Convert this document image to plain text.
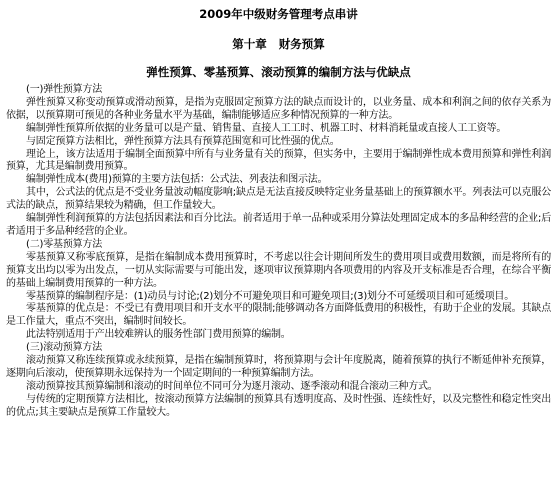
2009年中级财务管理考点串讲
第十章 财务预算
弹性预算、零基预算、滚动预算的编制方法与优缺点

(一)弹性预算方法

弹性预算又称变动预算或滑动预算，是指为克服固定预算方法的缺点而设计的，以业务量、成本和利润之间的依存关系为依据，以预算期可预见的各种业务量水平为基础，编制能够适应多种情况预算的一种方法。

编制弹性预算所依据的业务量可以是产量、销售量、直接人工工时、机器工时、材料消耗量或直接人工工资等。

与固定预算方法相比，弹性预算方法具有预算范围宽和可比性强的优点。

理论上，该方法适用于编制全面预算中所有与业务量有关的预算，但实务中，主要用于编制弹性成本费用预算和弹性利润预算，尤其是编制费用预算。

编制弹性成本(费用)预算的主要方法包括：公式法、列表法和图示法。

其中，公式法的优点是不受业务量波动幅度影响;缺点是无法直接反映特定业务量基础上的预算额水平。列表法可以克服公式法的缺点，预算结果较为精确，但工作量较大。

编制弹性利润预算的方法包括因素法和百分比法。前者适用于单一品种或采用分算法处理固定成本的多品种经营的企业;后者适用于多品种经营的企业。

(二)零基预算方法

零基预算又称零底预算，是指在编制成本费用预算时，不考虑以往会计期间所发生的费用项目或费用数额，而是将所有的预算支出均以零为出发点，一切从实际需要与可能出发，逐项审议预算期内各项费用的内容及开支标准是否合理，在综合平衡的基础上编制费用预算的一种方法。

零基预算的编制程序是：(1)动员与讨论;(2)划分不可避免项目和可避免项目;(3)划分不可延缓项目和可延缓项目。

零基预算的优点是：不受已有费用项目和开支水平的限制;能够调动各方面降低费用的积极性，有助于企业的发展。其缺点是工作量大，重点不突出，编制时间较长。

此法特别适用于产出较难辨认的服务性部门费用预算的编制。

(三)滚动预算方法

滚动预算又称连续预算或永续预算，是指在编制预算时，将预算期与会计年度脱离，随着预算的执行不断延伸补充预算，逐期向后滚动，使预算期永远保持为一个固定期间的一种预算编制方法。

滚动预算按其预算编制和滚动的时间单位不同可分为逐月滚动、逐季滚动和混合滚动三种方式。

与传统的定期预算方法相比，按滚动预算方法编制的预算具有透明度高、及时性强、连续性好，以及完整性和稳定性突出的优点;其主要缺点是预算工作量较大。
